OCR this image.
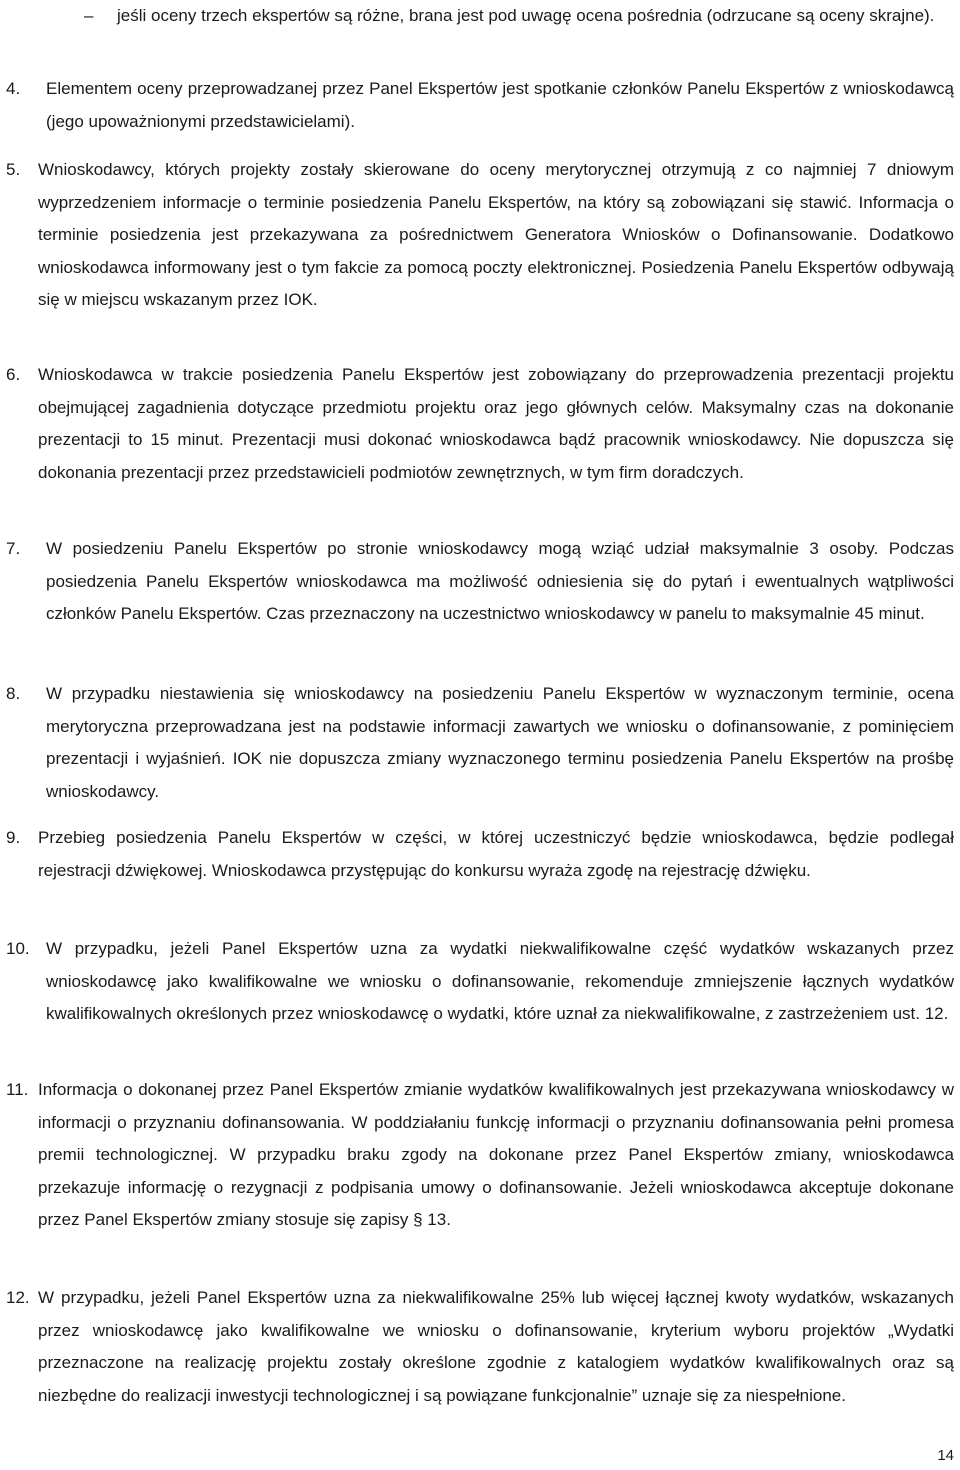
– jeśli oceny trzech ekspertów są różne, brana jest pod uwagę ocena pośrednia (odrzucane są oceny skrajne).

4. Elementem oceny przeprowadzanej przez Panel Ekspertów jest spotkanie członków Panelu Ekspertów z wnioskodawcą (jego upoważnionymi przedstawicielami).

5. Wnioskodawcy, których projekty zostały skierowane do oceny merytorycznej otrzymują z co najmniej 7 dniowym wyprzedzeniem informacje o terminie posiedzenia Panelu Ekspertów, na który są zobowiązani się stawić. Informacja o terminie posiedzenia jest przekazywana za pośrednictwem Generatora Wniosków o Dofinansowanie. Dodatkowo wnioskodawca informowany jest o tym fakcie za pomocą poczty elektronicznej. Posiedzenia Panelu Ekspertów odbywają się w miejscu wskazanym przez IOK.

6. Wnioskodawca w trakcie posiedzenia Panelu Ekspertów jest zobowiązany do przeprowadzenia prezentacji projektu obejmującej zagadnienia dotyczące przedmiotu projektu oraz jego głównych celów. Maksymalny czas na dokonanie prezentacji to 15 minut. Prezentacji musi dokonać wnioskodawca bądź pracownik wnioskodawcy. Nie dopuszcza się dokonania prezentacji przez przedstawicieli podmiotów zewnętrznych, w tym firm doradczych.

7. W posiedzeniu Panelu Ekspertów po stronie wnioskodawcy mogą wziąć udział maksymalnie 3 osoby. Podczas posiedzenia Panelu Ekspertów wnioskodawca ma możliwość odniesienia się do pytań i ewentualnych wątpliwości członków Panelu Ekspertów. Czas przeznaczony na uczestnictwo wnioskodawcy w panelu to maksymalnie 45 minut.

8. W przypadku niestawienia się wnioskodawcy na posiedzeniu Panelu Ekspertów w wyznaczonym terminie, ocena merytoryczna przeprowadzana jest na podstawie informacji zawartych we wniosku o dofinansowanie, z pominięciem prezentacji i wyjaśnień. IOK nie dopuszcza zmiany wyznaczonego terminu posiedzenia Panelu Ekspertów na prośbę wnioskodawcy.

9. Przebieg posiedzenia Panelu Ekspertów w części, w której uczestniczyć będzie wnioskodawca, będzie podlegał rejestracji dźwiękowej. Wnioskodawca przystępując do konkursu wyraża zgodę na rejestrację dźwięku.

10. W przypadku, jeżeli Panel Ekspertów uzna za wydatki niekwalifikowalne część wydatków wskazanych przez wnioskodawcę jako kwalifikowalne we wniosku o dofinansowanie, rekomenduje zmniejszenie łącznych wydatków kwalifikowalnych określonych przez wnioskodawcę o wydatki, które uznał za niekwalifikowalne, z zastrzeżeniem ust. 12.

11. Informacja o dokonanej przez Panel Ekspertów zmianie wydatków kwalifikowalnych jest przekazywana wnioskodawcy w informacji o przyznaniu dofinansowania. W poddziałaniu funkcję informacji o przyznaniu dofinansowania pełni promesa premii technologicznej. W przypadku braku zgody na dokonane przez Panel Ekspertów zmiany, wnioskodawca przekazuje informację o rezygnacji z podpisania umowy o dofinansowanie. Jeżeli wnioskodawca akceptuje dokonane przez Panel Ekspertów zmiany stosuje się zapisy § 13.

12. W przypadku, jeżeli Panel Ekspertów uzna za niekwalifikowalne 25% lub więcej łącznej kwoty wydatków, wskazanych przez wnioskodawcę jako kwalifikowalne we wniosku o dofinansowanie, kryterium wyboru projektów „Wydatki przeznaczone na realizację projektu zostały określone zgodnie z katalogiem wydatków kwalifikowalnych oraz są niezbędne do realizacji inwestycji technologicznej i są powiązane funkcjonalnie” uznaje się za niespełnione.

14
